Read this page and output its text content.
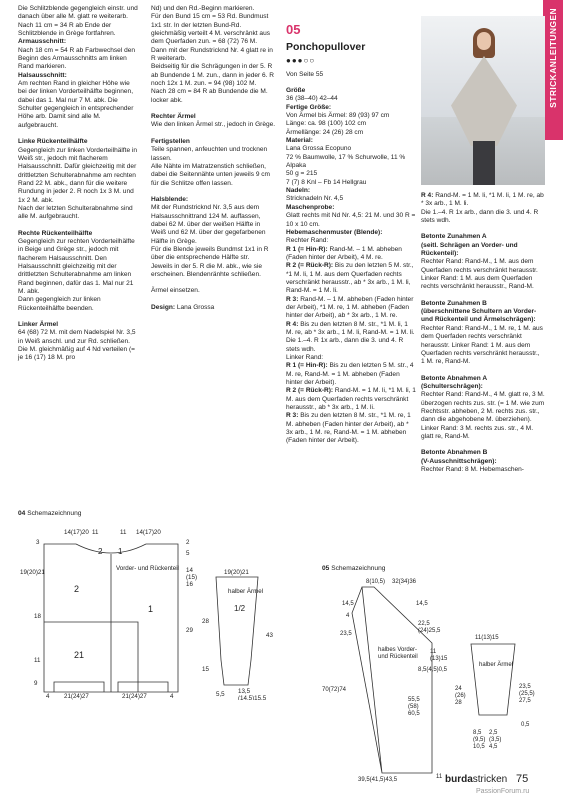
STRICKANLEITUNGEN

Die Schlitzblende gegengleich einstr. und danach über alle M. glatt re weiterarb.
Nach 11 cm = 34 R ab Ende der Schlitzblende in Grège fortfahren.

Armausschnitt:

Nach 18 cm = 54 R ab Farbwechsel den Beginn des Armausschnitts am linken Rand markieren.

Halsausschnitt:

Am rechten Rand in gleicher Höhe wie bei der linken Vorderteilhälfte beginnen, dabei das 1. Mal nur 7 M. abk. Die Schulter gegengleich in entsprechender Höhe arb. Damit sind alle M. aufgebraucht.

Linke Rückenteilhälfte

Gegengleich zur linken Vorderteilhälfte in Weiß str., jedoch mit flacherem Halsausschnitt. Dafür gleichzeitig mit der drittletzten Schulterabnahme am rechten Rand 22 M. abk., dann für die weitere Rundung in jeder 2. R noch 1x 3 M. und 1x 2 M. abk.
Nach der letzten Schulterabnahme sind alle M. aufgebraucht.

Rechte Rückenteilhälfte

Gegengleich zur rechten Vorderteilhälfte in Beige und Grège str., jedoch mit flacherem Halsausschnitt. Den Halsausschnitt gleichzeitig mit der drittletzten Schulterabnahme am linken Rand beginnen, dafür das 1. Mal nur 21 M. abk.
Dann gegengleich zur linken Rückenteilhälfte beenden.

Linker Ärmel

64 (68) 72 M. mit dem Nadelspiel Nr. 3,5 in Weiß anschl. und zur Rd. schließen. Die M. gleichmäßig auf 4 Nd verteilen (= je 16 (17) 18 M. pro

Nd) und den Rd.-Beginn markieren.
Für den Bund 15 cm = 53 Rd. Bundmust 1x1 str. In der letzten Bund-Rd. gleichmäßig verteilt 4 M. verschränkt aus dem Querfaden zun. = 68 (72) 76 M.
Dann mit der Rundstricknd Nr. 4 glatt re in R weiterarb.
Beidseitig für die Schrägungen in der 5. R ab Bundende 1 M. zun., dann in jeder 6. R noch 12x 1 M. zun. = 94 (98) 102 M.
Nach 28 cm = 84 R ab Bundende die M. locker abk.

Rechter Ärmel

Wie den linken Ärmel str., jedoch in Grège.

Fertigstellen

Teile spannen, anfeuchten und trocknen lassen.
Alle Nähte im Matratzenstich schließen, dabei die Seitennähte unten jeweils 9 cm für die Schlitze offen lassen.

Halsblende:

Mit der Rundstricknd Nr. 3,5 aus dem Halsausschnittrand 124 M. auffassen, dabei 62 M. über der weißen Hälfte in Weiß und 62 M. über der gegefarbenen Hälfte in Grège.
Für die Blende jeweils Bundmst 1x1 in R über die entsprechende Hälfte str.
Jeweils in der 5. R die M. abk., wie sie erscheinen. Blendenränhte schließen.

Ärmel einsetzen.

Design: Lana Grossa

05
Ponchopullover
●●●○○
Von Seite 55

Größe

36 (38–40) 42–44

Fertige Größe:

Von Ärmel bis Ärmel: 89 (93) 97 cm
Länge: ca. 98 (100) 102 cm
Ärmellänge: 24 (26) 28 cm

Material:

Lana Grossa Ecopuno
72 % Baumwolle, 17 % Schurwolle, 11 % Alpaka
50 g = 215
7 (7) 8 Knl – Fb 14 Hellgrau

Nadeln:

Stricknadeln Nr. 4,5

Maschenprobe:

Glatt rechts mit Nd Nr. 4,5: 21 M. und 30 R = 10 x 10 cm.

Hebemaschenmuster (Blende):

Rechter Rand:

R 1 (= Hin-R): Rand-M. – 1 M. abheben (Faden hinter der Arbeit), 4 M. re.

R 2 (= Rück-R): Bis zu den letzten 5 M. str., *1 M. li, 1 M. aus dem Querfaden rechts verschränkt herausstr., ab * 3x arb., 1 M. li, Rand-M. = 1 M. li.

R 3: Rand-M. – 1 M. abheben (Faden hinter der Arbeit), *1 M. re, 1 M. abheben (Faden hinter der Arbeit), ab * 3x arb., 1 M. re.

R 4: Bis zu den letzten 8 M. str., *1 M. li, 1 M. re, ab * 3x arb., 1 M. li, Rand-M. = 1 M. li.
Die 1.–4. R 1x arb., dann die 3. und 4. R stets wdh.

Linker Rand:

R 1 (= Hin-R): Bis zu den letzten 5 M. str., 4 M. re, Rand-M. = 1 M. abheben (Faden hinter der Arbeit).

R 2 (= Rück-R): Rand-M. = 1 M. li, *1 M. li, 1 M. aus dem Querfaden rechts verschränkt herausstr., ab * 3x arb., 1 M. li.

R 3: Bis zu den letzten 8 M. str., *1 M. re, 1 M. abheben (Faden hinter der Arbeit), ab * 3x arb., 1 M. re, Rand-M. = 1 M. abheben (Faden hinter der Arbeit).

R 4: Rand-M. = 1 M. li, *1 M. li, 1 M. re, ab * 3x arb., 1 M. li.
Die 1.–4. R 1x arb., dann die 3. und 4. R stets wdh.

Betonte Zunahmen A
(seitl. Schrägen an Vorder- und Rückenteil):

Rechter Rand: Rand-M., 1 M. aus dem Querfaden rechts verschränkt herausstr. Linker Rand: 1 M. aus dem Querfaden rechts verschränkt herausstr., Rand-M.

Betonte Zunahmen B
(überschnittene Schultern an Vorder- und Rückenteil und Ärmelschrägen):

Rechter Rand: Rand-M., 1 M. re, 1 M. aus dem Querfaden rechts verschränkt herausstr. Linker Rand: 1 M. aus dem Querfaden rechts verschränkt herausstr., 1 M. re, Rand-M.

Betonte Abnahmen A
(Schulterschrägen):

Rechter Rand: Rand-M., 4 M. glatt re, 3 M. überzogen rechts zus. str. (= 1 M. wie zum Rechtsstr. abheben, 2 M. rechts zus. str., dann die abgehobene M. überziehen). Linker Rand: 3 M. rechts zus. str., 4 M. glatt re, Rand-M.

Betonte Abnahmen B
(V-Ausschnittschrägen):

Rechter Rand: 8 M. Hebemaschen-

04 Schemazeichnung
14(17)20 11	11 14(17)20
3	2
5
2 1
Vorder- und Rückenteil 14 (15) 16
19(20)21
2
1
18
29
11
21
9
4 21(24)27	21(24)27	4
19(20)21
halber Ärmel
1/2
28
43
15
5,5 13,5 (14,5)15,5
05 Schemazeichnung
8(10,5) 32(34)36
14,5	14,5
4
23,5
22,5 (24)25,5
11 (13)15
8,5(4,5)0,5
halbes Vorder-und Rückenteil
70(72)74
55,5 (58) 60,5
39,5(41,5)43,5	11
11(13)15
halber Ärmel
24 (26) 28
23,5 (25,5) 27,5
0,5
8,5 (9,5) 10,5
2,5 (3,5) 4,5
burdastricken 75
PassionForum.ru
